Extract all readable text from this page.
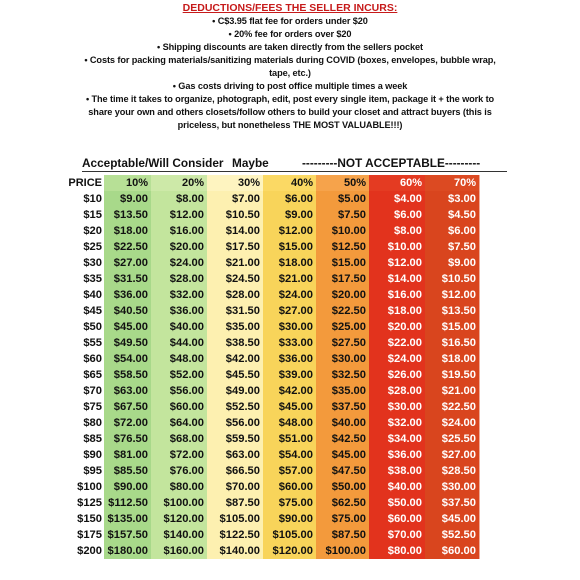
DEDUCTIONS/FEES THE SELLER INCURS:
• C$3.95 flat fee for orders under $20
• 20% fee for orders over $20
• Shipping discounts are taken directly from the sellers pocket
• Costs for packing materials/sanitizing materials during COVID (boxes, envelopes, bubble wrap,
tape, etc.)
• Gas costs driving to post office multiple times a week
• The time it takes to organize, photograph, edit, post every single item, package it + the work to
share your own and others closets/follow others to build your closet and attract buyers (this is
priceless, but nonetheless THE MOST VALUABLE!!!)
Acceptable/Will Consider Maybe	---------NOT ACCEPTABLE---------
PRICE	10%	20%	30%	40%	50%	60%	70%
$10	$9.00	$8.00	$7.00	$6.00	$5.00	$4.00	$3.00
$15	$13.50	$12.00	$10.50	$9.00	$7.50	$6.00	$4.50
$20	$18.00	$16.00	$14.00	$12.00	$10.00	$8.00	$6.00
$25	$22.50	$20.00	$17.50	$15.00	$12.50	$10.00	$7.50
$30	$27.00	$24.00	$21.00	$18.00	$15.00	$12.00	$9.00
$35	$31.50	$28.00	$24.50	$21.00	$17.50	$14.00	$10.50
$40	$36.00	$32.00	$28.00	$24.00	$20.00	$16.00	$12.00
$45	$40.50	$36.00	$31.50	$27.00	$22.50	$18.00	$13.50
$50	$45.00	$40.00	$35.00	$30.00	$25.00	$20.00	$15.00
$55	$49.50	$44.00	$38.50	$33.00	$27.50	$22.00	$16.50
$60	$54.00	$48.00	$42.00	$36.00	$30.00	$24.00	$18.00
$65	$58.50	$52.00	$45.50	$39.00	$32.50	$26.00	$19.50
$70	$63.00	$56.00	$49.00	$42.00	$35.00	$28.00	$21.00
$75	$67.50	$60.00	$52.50	$45.00	$37.50	$30.00	$22.50
$80	$72.00	$64.00	$56.00	$48.00	$40.00	$32.00	$24.00
$85	$76.50	$68.00	$59.50	$51.00	$42.50	$34.00	$25.50
$90	$81.00	$72.00	$63.00	$54.00	$45.00	$36.00	$27.00
$95	$85.50	$76.00	$66.50	$57.00	$47.50	$38.00	$28.50
$100	$90.00	$80.00	$70.00	$60.00	$50.00	$40.00	$30.00
$125 $112.50	$100.00	$87.50	$75.00	$62.50	$50.00	$37.50
$150 $135.00	$120.00	$105.00	$90.00	$75.00	$60.00	$45.00
$175 $157.50	$140.00	$122.50	$105.00	$87.50	$70.00	$52.50
$200 $180.00	$160.00	$140.00	$120.00	$100.00	$80.00	$60.00
